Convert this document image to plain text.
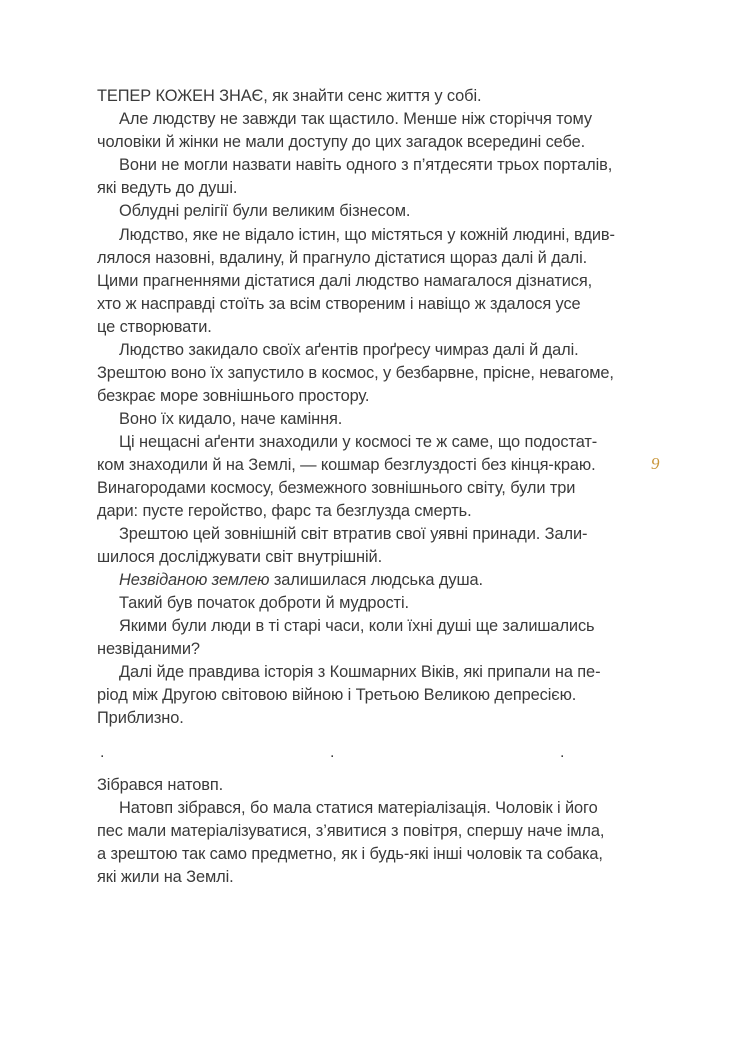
ТЕПЕР КОЖЕН ЗНАЄ, як знайти сенс життя у собі.
Але людству не завжди так щастило. Менше ніж сторіччя тому
чоловіки й жінки не мали доступу до цих загадок всередині себе.
Вони не могли назвати навіть одного з п’ятдесяти трьох порталів,
які ведуть до душі.
Облудні релігії були великим бізнесом.
Людство, яке не відало істин, що містяться у кожній людині, вдив-
лялося назовні, вдалину, й прагнуло дістатися щораз далі й далі.
Цими прагненнями дістатися далі людство намагалося дізнатися,
хто ж насправді стоїть за всім створеним і навіщо ж здалося усе
це створювати.
Людство закидало своїх аґентів проґресу чимраз далі й далі.
Зрештою воно їх запустило в космос, у безбарвне, прісне, невагоме,
безкрає море зовнішнього простору.
Воно їх кидало, наче каміння.
Ці нещасні аґенти знаходили у космосі те ж саме, що подостат-
ком знаходили й на Землі, — кошмар безглуздості без кінця-краю.
Винагородами космосу, безмежного зовнішнього світу, були три
дари: пусте геройство, фарс та безглузда смерть.
Зрештою цей зовнішній світ втратив свої уявні принади. Зали-
шилося досліджувати світ внутрішній.
Незвіданою землею залишилася людська душа.
Такий був початок доброти й мудрості.
Якими були люди в ті старі часи, коли їхні душі ще залишались
незвіданими?
Далі йде правдива історія з Кошмарних Віків, які припали на пе-
ріод між Другою світовою війною і Третьою Великою депресією.
Приблизно.
.	.	.
Зібрався натовп.
Натовп зібрався, бо мала статися матеріалізація. Чоловік і його
пес мали матеріалізуватися, з’явитися з повітря, спершу наче імла,
а зрештою так само предметно, як і будь-які інші чоловік та собака,
які жили на Землі.
9
